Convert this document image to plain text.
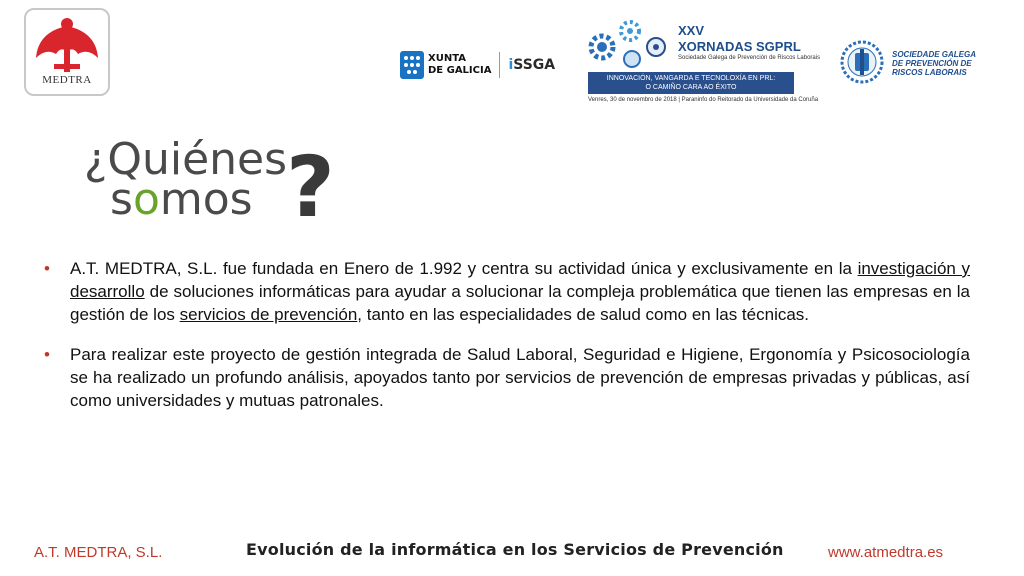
MEDTRA
XUNTA
DE GALICIA iSSGA
XXV
XORNADAS SGPRL
Sociedade Galega de Prevención de Riscos Laborais
INNOVACIÓN, VANGARDA E TECNOLOXÍA EN PRL:
O CAMIÑO CARA AO ÉXITO
Venres, 30 de novembro de 2018 | Paraninfo do Reitorado da Universidade da Coruña
SOCIEDADE GALEGA
DE PREVENCIÓN DE
RISCOS LABORAIS
¿Quiénes
somos ?

• A.T. MEDTRA, S.L. fue fundada en Enero de 1.992 y centra su actividad única y exclusivamente en la investigación y desarrollo de soluciones informáticas para ayudar a solucionar la compleja problemática que tienen las empresas en la gestión de los servicios de prevención, tanto en las especialidades de salud como en las técnicas.

• Para realizar este proyecto de gestión integrada de Salud Laboral, Seguridad e Higiene, Ergonomía y Psicosociología se ha realizado un profundo análisis, apoyados tanto por servicios de prevención de empresas privadas y públicas, así como universidades y mutuas patronales.

A.T. MEDTRA, S.L.	Evolución de la informática en los Servicios de Prevención	www.atmedtra.es
